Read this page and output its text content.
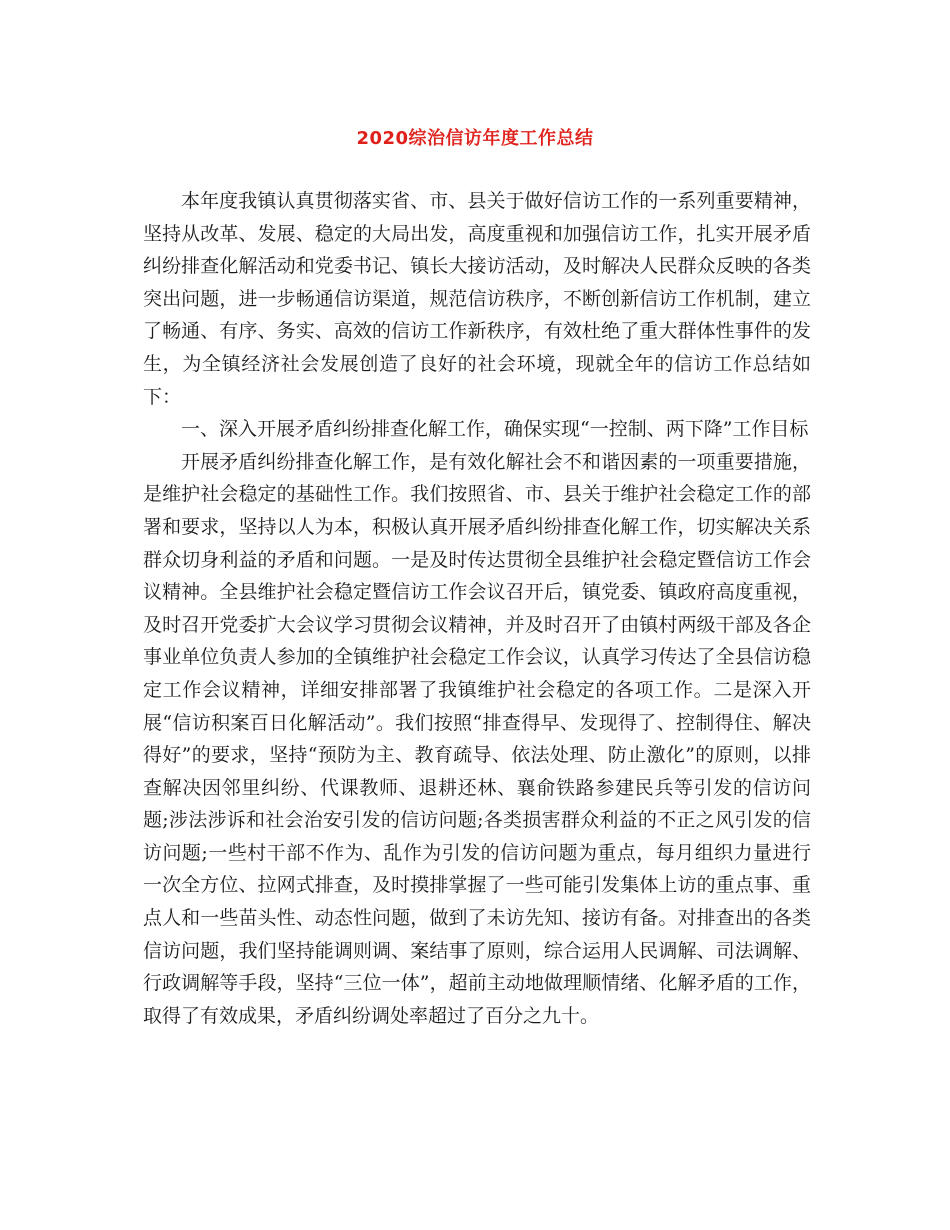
2020综治信访年度工作总结

本年度我镇认真贯彻落实省、市、县关于做好信访工作的一系列重要精神，坚持从改革、发展、稳定的大局出发，高度重视和加强信访工作，扎实开展矛盾纠纷排查化解活动和党委书记、镇长大接访活动，及时解决人民群众反映的各类突出问题，进一步畅通信访渠道，规范信访秩序，不断创新信访工作机制，建立了畅通、有序、务实、高效的信访工作新秩序，有效杜绝了重大群体性事件的发生，为全镇经济社会发展创造了良好的社会环境，现就全年的信访工作总结如下：

一、深入开展矛盾纠纷排查化解工作，确保实现“一控制、两下降”工作目标

开展矛盾纠纷排查化解工作，是有效化解社会不和谐因素的一项重要措施，是维护社会稳定的基础性工作。我们按照省、市、县关于维护社会稳定工作的部署和要求，坚持以人为本，积极认真开展矛盾纠纷排查化解工作，切实解决关系群众切身利益的矛盾和问题。一是及时传达贯彻全县维护社会稳定暨信访工作会议精神。全县维护社会稳定暨信访工作会议召开后，镇党委、镇政府高度重视，及时召开党委扩大会议学习贯彻会议精神，并及时召开了由镇村两级干部及各企事业单位负责人参加的全镇维护社会稳定工作会议，认真学习传达了全县信访稳定工作会议精神，详细安排部署了我镇维护社会稳定的各项工作。二是深入开展“信访积案百日化解活动”。我们按照“排查得早、发现得了、控制得住、解决得好”的要求，坚持“预防为主、教育疏导、依法处理、防止激化”的原则，以排查解决因邻里纠纷、代课教师、退耕还林、襄俞铁路参建民兵等引发的信访问题;涉法涉诉和社会治安引发的信访问题;各类损害群众利益的不正之风引发的信访问题;一些村干部不作为、乱作为引发的信访问题为重点，每月组织力量进行一次全方位、拉网式排查，及时摸排掌握了一些可能引发集体上访的重点事、重点人和一些苗头性、动态性问题，做到了未访先知、接访有备。对排查出的各类信访问题，我们坚持能调则调、案结事了原则，综合运用人民调解、司法调解、行政调解等手段，坚持“三位一体”，超前主动地做理顺情绪、化解矛盾的工作，取得了有效成果，矛盾纠纷调处率超过了百分之九十。
